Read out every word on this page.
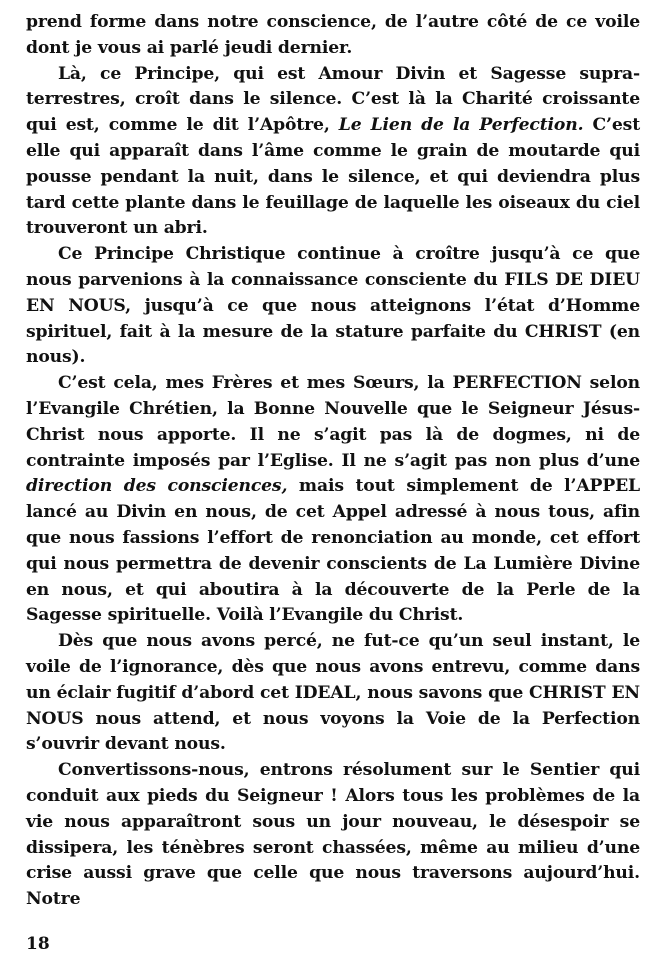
prend forme dans notre conscience, de l’autre côté de ce voile dont je vous ai parlé jeudi dernier.

Là, ce Principe, qui est Amour Divin et Sagesse supra-terrestres, croît dans le silence. C’est là la Charité croissante qui est, comme le dit l’Apôtre, Le Lien de la Perfection. C’est elle qui apparaît dans l’âme comme le grain de moutarde qui pousse pendant la nuit, dans le silence, et qui deviendra plus tard cette plante dans le feuillage de laquelle les oiseaux du ciel trouveront un abri.

Ce Principe Christique continue à croître jusqu’à ce que nous parvenions à la connaissance consciente du FILS DE DIEU EN NOUS, jusqu’à ce que nous atteignons l’état d’Homme spirituel, fait à la mesure de la stature parfaite du CHRIST (en nous).

C’est cela, mes Frères et mes Sœurs, la PERFECTION selon l’Evangile Chrétien, la Bonne Nouvelle que le Seigneur Jésus-Christ nous apporte. Il ne s’agit pas là de dogmes, ni de contrainte imposés par l’Eglise. Il ne s’agit pas non plus d’une direction des consciences, mais tout simplement de l’APPEL lancé au Divin en nous, de cet Appel adressé à nous tous, afin que nous fassions l’effort de renonciation au monde, cet effort qui nous permettra de devenir conscients de La Lumière Divine en nous, et qui aboutira à la découverte de la Perle de la Sagesse spirituelle. Voilà l’Evangile du Christ.

Dès que nous avons percé, ne fut-ce qu’un seul instant, le voile de l’ignorance, dès que nous avons entrevu, comme dans un éclair fugitif d’abord cet IDEAL, nous savons que CHRIST EN NOUS nous attend, et nous voyons la Voie de la Perfection s’ouvrir devant nous.

Convertissons-nous, entrons résolument sur le Sentier qui conduit aux pieds du Seigneur ! Alors tous les problèmes de la vie nous apparaîtront sous un jour nouveau, le désespoir se dissipera, les ténèbres seront chassées, même au milieu d’une crise aussi grave que celle que nous traversons aujourd’hui. Notre

18
